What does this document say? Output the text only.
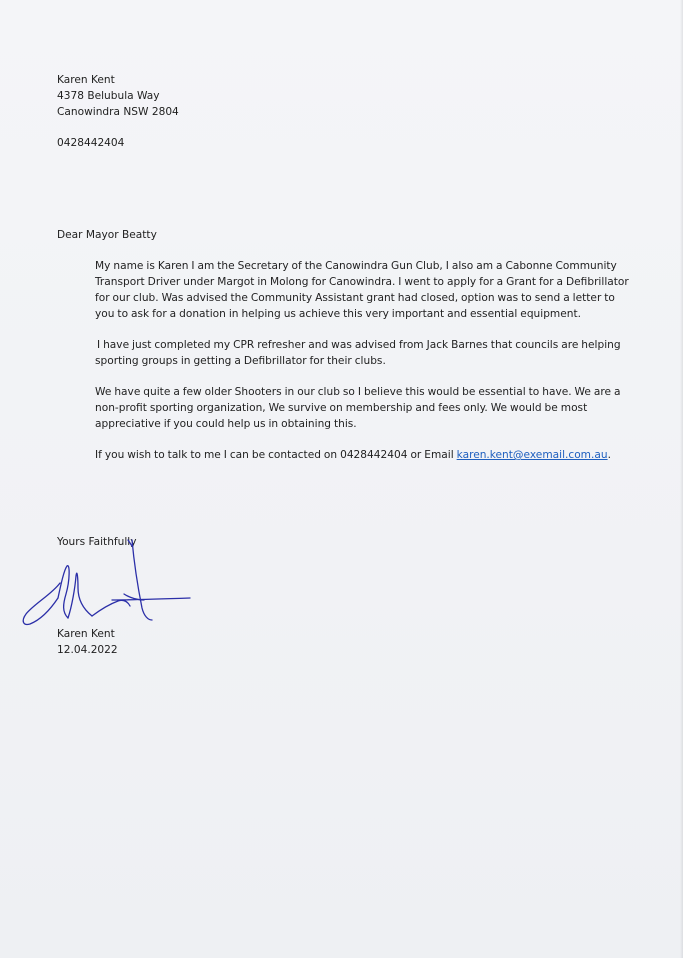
Karen Kent
4378 Belubula Way
Canowindra NSW 2804
0428442404
Dear Mayor Beatty

My name is Karen I am the Secretary of the Canowindra Gun Club, I also am a Cabonne Community Transport Driver under Margot in Molong for Canowindra. I went to apply for a Grant for a Defibrillator for our club. Was advised the Community Assistant grant had closed, option was to send a letter to you to ask for a donation in helping us achieve this very important and essential equipment.

I have just completed my CPR refresher and was advised from Jack Barnes that councils are helping sporting groups in getting a Defibrillator for their clubs.

We have quite a few older Shooters in our club so I believe this would be essential to have. We are a non-profit sporting organization, We survive on membership and fees only. We would be most appreciative if you could help us in obtaining this.

If you wish to talk to me I can be contacted on 0428442404 or Email karen.kent@exemail.com.au.

Yours Faithfully
Karen Kent
12.04.2022
